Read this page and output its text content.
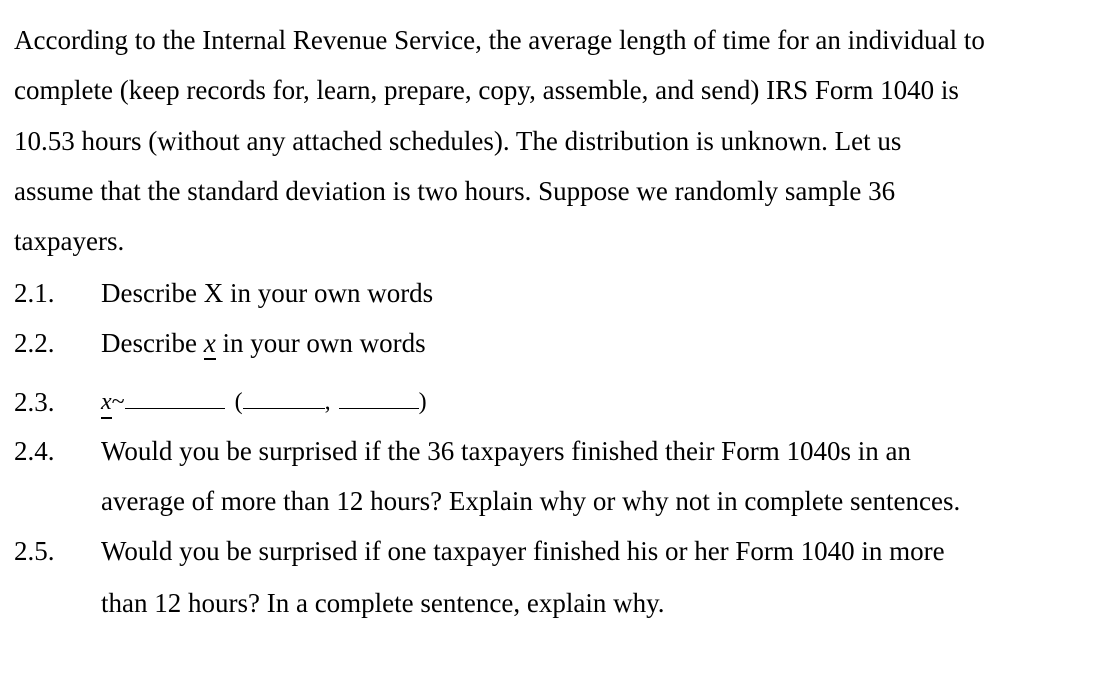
According to the Internal Revenue Service, the average length of time for an individual to
complete (keep records for, learn, prepare, copy, assemble, and send) IRS Form 1040 is
10.53 hours (without any attached schedules). The distribution is unknown. Let us
assume that the standard deviation is two hours. Suppose we randomly sample 36
taxpayers.
2.1. Describe X in your own words
2.2. Describe x
in your own words
2.3. x
~	(	,	)
2.4. Would you be surprised if the 36 taxpayers finished their Form 1040s in an
average of more than 12 hours? Explain why or why not in complete sentences.
2.5. Would you be surprised if one taxpayer finished his or her Form 1040 in more
than 12 hours? In a complete sentence, explain why.
